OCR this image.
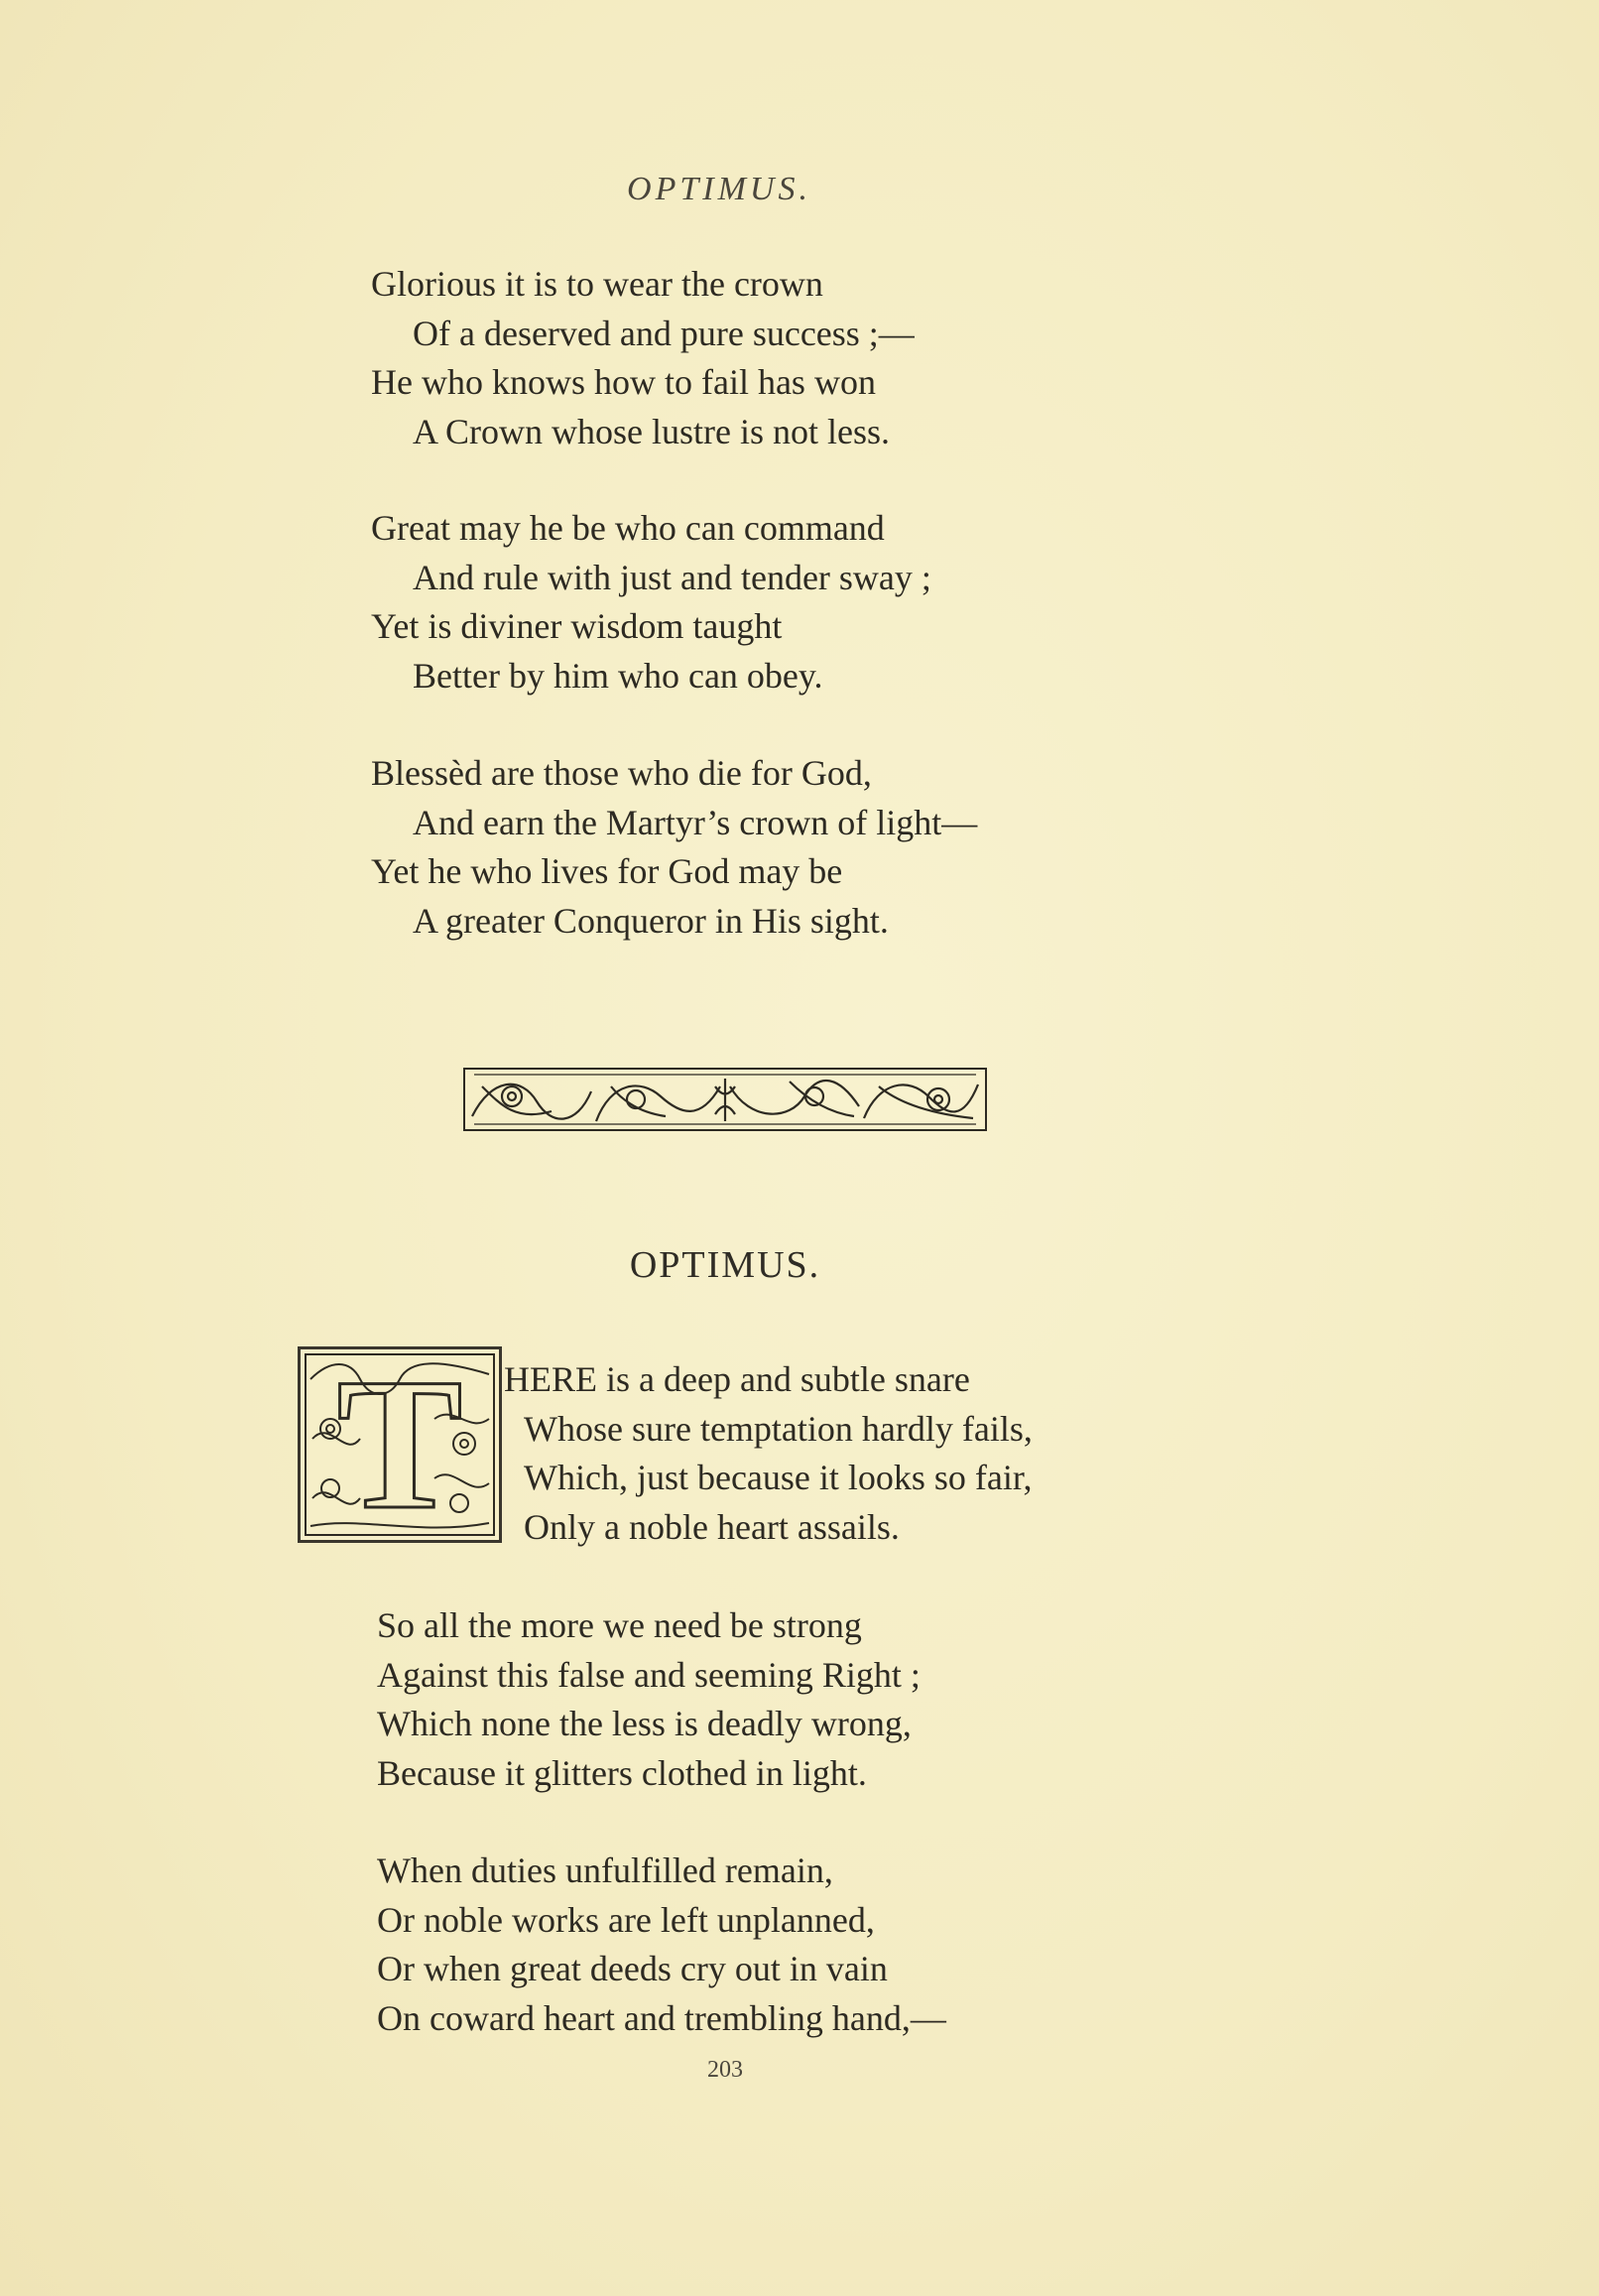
OPTIMUS.
Glorious it is to wear the crown
Of a deserved and pure success ;—
He who knows how to fail has won
A Crown whose lustre is not less.
Great may he be who can command
And rule with just and tender sway ;
Yet is diviner wisdom taught
Better by him who can obey.
Blessèd are those who die for God,
And earn the Martyr’s crown of light—
Yet he who lives for God may be
A greater Conqueror in His sight.
OPTIMUS.
T	HERE is a deep and subtle snare
Whose sure temptation hardly fails,
Which, just because it looks so fair,
Only a noble heart assails.
So all the more we need be strong
Against this false and seeming Right ;
Which none the less is deadly wrong,
Because it glitters clothed in light.
When duties unfulfilled remain,
Or noble works are left unplanned,
Or when great deeds cry out in vain
On coward heart and trembling hand,—
203
